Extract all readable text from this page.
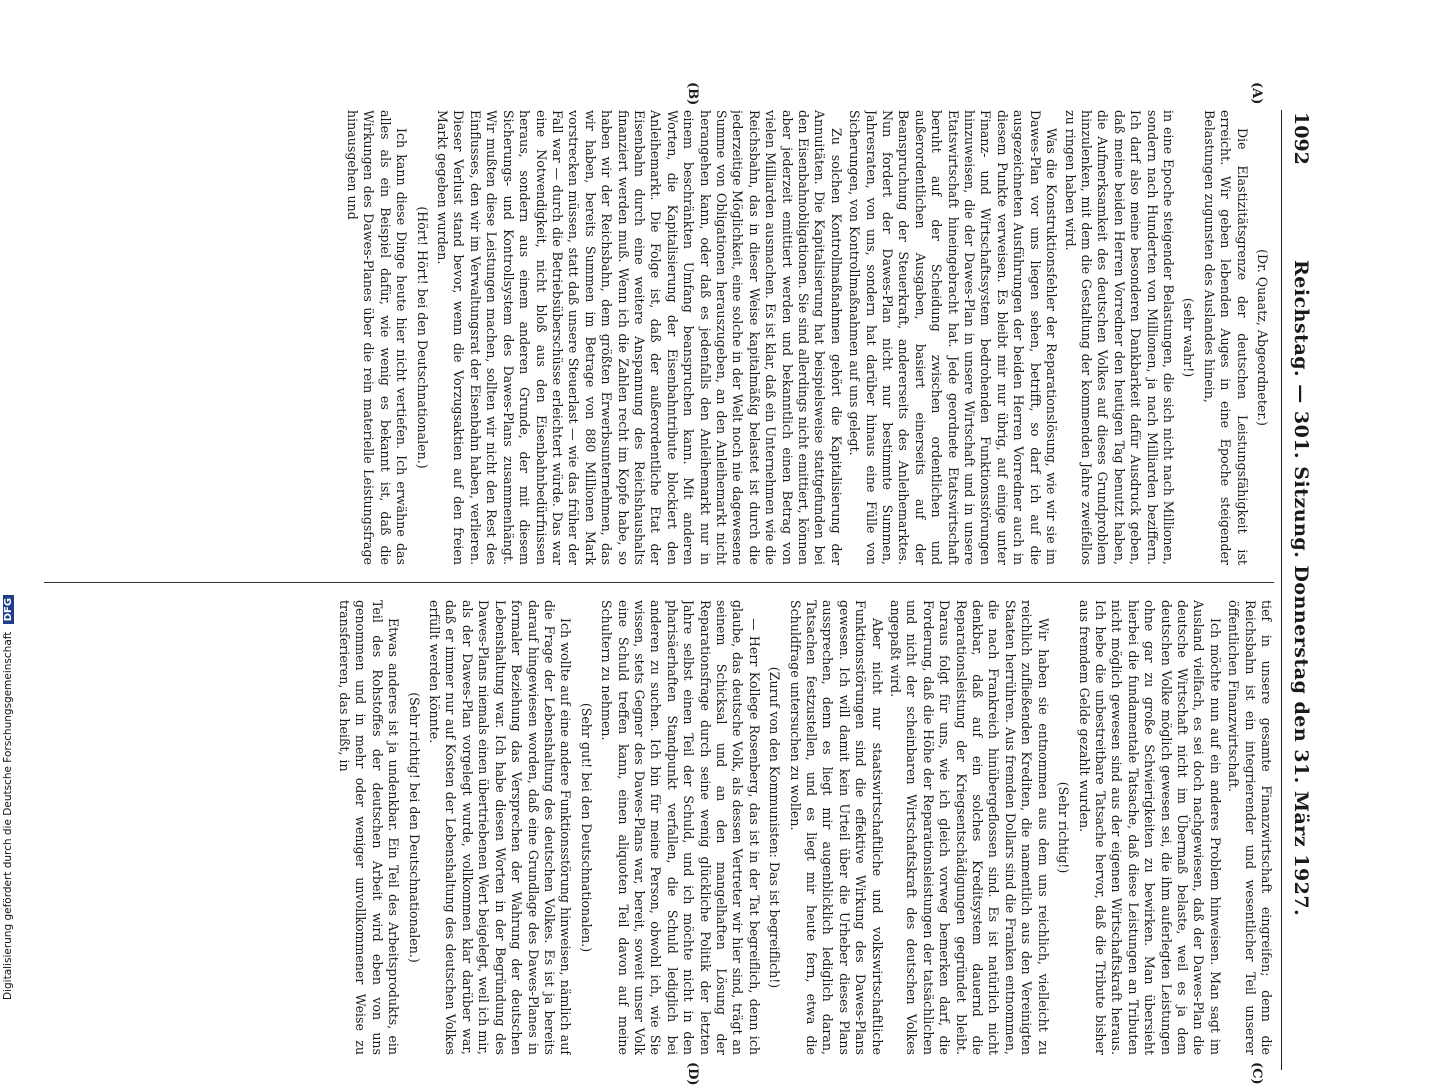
1092
Reichstag. — 301. Sitzung. Donnerstag den 31. März 1927.
(A)
(B)
(C)
(D)

(Dr. Quaatz, Abgeordneter.)

Die Elastizitätsgrenze der deutschen Leistungsfähigkeit ist erreicht. Wir geben lebenden Auges in eine Epoche steigender Belastungen zugunsten des Auslandes hinein,

(sehr wahr!)

in eine Epoche steigender Belastungen, die sich nicht nach Millionen, sondern nach Hunderten von Millionen, ja nach Milliarden beziffern. Ich darf also meine besonderen Dankbarkeit dafür Ausdruck geben, daß meine beiden Herren Vorredner den heutigen Tag benutzt haben, die Aufmerksamkeit des deutschen Volkes auf dieses Grundproblem hinzulenken, mit dem die Gestaltung der kommenden Jahre zweifellos zu ringen haben wird.

Was die Konstruktionsfehler der Reparationslösung, wie wir sie im Dawes-Plan vor uns liegen sehen, betrifft, so darf ich auf die ausgezeichneten Ausführungen der beiden Herren Vorredner auch in diesem Punkte verweisen. Es bleibt mir nur übrig, auf einige unter Finanz- und Wirtschaftssystem bedrohenden Funktionsstörungen hinzuweisen, die der Dawes-Plan in unsere Wirtschaft und in unsere Etatswirtschaft hineingebracht hat. Jede geordnete Etatswirtschaft beruht auf der Scheidung zwischen ordentlichen und außerordentlichen Ausgaben, basiert einerseits auf der Beanspruchung der Steuerkraft, andererseits des Anleihemarktes. Nun fordert der Dawes-Plan nicht nur bestimmte Summen, Jahresraten, von uns, sondern hat darüber hinaus eine Fülle von Sicherungen, von Kontrollmaßnahmen auf uns gelegt.

Zu solchen Kontrollmaßnahmen gehört die Kapitalisierung der Annuitäten. Die Kapitalisierung hat beispielsweise stattgefunden bei den Eisenbahnobligationen. Sie sind allerdings nicht emittiert, können aber jederzeit emittiert werden und bekanntlich einen Betrag von vielen Milliarden ausmachen. Es ist klar, daß ein Unternehmen wie die Reichsbahn, das in dieser Weise kapitalmäßig belastet ist durch die jederzeitige Möglichkeit, eine solche in der Welt noch nie dagewesene Summe von Obligationen herauszugeben, an den Anleihemarkt nicht herangehen kann, oder daß es jedenfalls den Anleihemarkt nur in einem beschränkten Umfang beanspruchen kann. Mit anderen Worten, die Kapitalisierung der Eisenbahntribute blockiert den Anleihemarkt. Die Folge ist, daß der außerordentliche Etat der Eisenbahn durch eine weitere Anspannung des Reichshaushalts finanziert werden muß. Wenn ich die Zahlen recht im Kopfe habe, so haben wir der Reichsbahn, dem größten Erwerbsunternehmen, das wir haben, bereits Summen im Betrage von 880 Millionen Mark vorstrecken müssen, statt daß unsere Steuerlast — wie das früher der Fall war — durch die Betriebsüberschüsse erleichtert würde. Das war eine Notwendigkeit, nicht bloß aus den Eisenbahnbedürfnissen heraus, sondern aus einem anderen Grunde, der mit diesem Sicherungs- und Kontrollsystem des Dawes-Plans zusammenhängt. Wir mußten diese Leistungen machen, sollten wir nicht den Rest des Einflusses, den wir im Verwaltungsrat der Eisenbahn haben, verlieren. Dieser Verlust stand bevor, wenn die Vorzugsaktien auf den freien Markt gegeben wurden.

(Hört! Hört! bei den Deutschnationalen.)

Ich kann diese Dinge heute hier nicht vertiefen. Ich erwähne das alles als ein Beispiel dafür, wie wenig es bekannt ist, daß die Wirkungen des Dawes-Planes über die rein materielle Leistungsfrage hinausgehen und

tief in unsere gesamte Finanzwirtschaft eingreifen; denn die Reichsbahn ist ein integrierender und wesentlicher Teil unserer öffentlichen Finanzwirtschaft.

Ich möchte nun auf ein anderes Problem hinweisen. Man sagt im Ausland vielfach, es sei doch nachgewiesen, daß der Dawes-Plan die deutsche Wirtschaft nicht im Übermaß belaste, weil es ja dem deutschen Volke möglich gewesen sei, die ihm auferlegten Leistungen ohne gar zu große Schwierigkeiten zu bewirken. Man übersieht hierbei die fundamentale Tatsache, daß diese Leistungen an Tributen nicht möglich gewesen sind aus der eigenen Wirtschaftskraft heraus. Ich hebe die unbestreitbare Tatsache hervor, daß die Tribute bisher aus fremdem Gelde gezahlt wurden.

(Sehr richtig!)

Wir haben sie entnommen aus dem uns reichlich, vielleicht zu reichlich zufließenden Krediten, die namentlich aus den Vereinigten Staaten herrühren. Aus fremden Dollars sind die Franken entnommen, die nach Frankreich hinübergeflossen sind. Es ist natürlich nicht denkbar, daß auf ein solches Kreditsystem dauernd die Reparationsleistung der Kriegsentschädigungen gegründet bleibt. Daraus folgt für uns, wie ich gleich vorweg bemerken darf, die Forderung, daß die Höhe der Reparationsleistungen der tatsächlichen und nicht der scheinbaren Wirtschaftskraft des deutschen Volkes angepaßt wird.

Aber nicht nur staatswirtschaftliche und volkswirtschaftliche Funktionsstörungen sind die effektive Wirkung des Dawes-Plans gewesen. Ich will damit kein Urteil über die Urheber dieses Plans aussprechen, denn es liegt mir augenblicklich lediglich daran, Tatsachen festzustellen, und es liegt mir heute fern, etwa die Schuldfrage untersuchen zu wollen.

(Zuruf von den Kommunisten: Das ist begreiflich!)

— Herr Kollege Rosenberg, das ist in der Tat begreiflich, denn ich glaube, das deutsche Volk, als dessen Vertreter wir hier sind, trägt an seinem Schicksal und an den mangelhaften Lösung der Reparationsfrage durch seine wenig glückliche Politik der letzten Jahre selbst einen Teil der Schuld, und ich möchte nicht in den pharisäerhaften Standpunkt verfallen, die Schuld lediglich bei anderen zu suchen. Ich bin für meine Person, obwohl ich, wie Sie wissen, stets Gegner des Dawes-Plans war, bereit, soweit unser Volk eine Schuld treffen kann, einen aliquoten Teil davon auf meine Schultern zu nehmen.

(Sehr gut! bei den Deutschnationalen.)

Ich wollte auf eine andere Funktionsstörung hinweisen, nämlich auf die Frage der Lebenshaltung des deutschen Volkes. Es ist ja bereits darauf hingewiesen worden, daß eine Grundlage des Dawes-Planes in formaler Beziehung das Versprechen der Wahrung der deutschen Lebenshaltung war. Ich habe diesen Worten in der Begründung des Dawes-Plans niemals einen übertriebenen Wert beigelegt, weil ich mir, als der Dawes-Plan vorgelegt wurde, vollkommen klar darüber war, daß er immer nur auf Kosten der Lebenshaltung des deutschen Volkes erfüllt werden könnte.

(Sehr richtig! bei den Deutschnationalen.)

Etwas anderes ist ja undenkbar. Ein Teil des Arbeitsprodukts, ein Teil des Rohstoffes der deutschen Arbeit wird eben von uns genommen und in mehr oder weniger unvollkommener Weise zu transferieren, das heißt, in

Digitalisierung gefördert durch die Deutsche Forschungsgemeinschaft DFG
